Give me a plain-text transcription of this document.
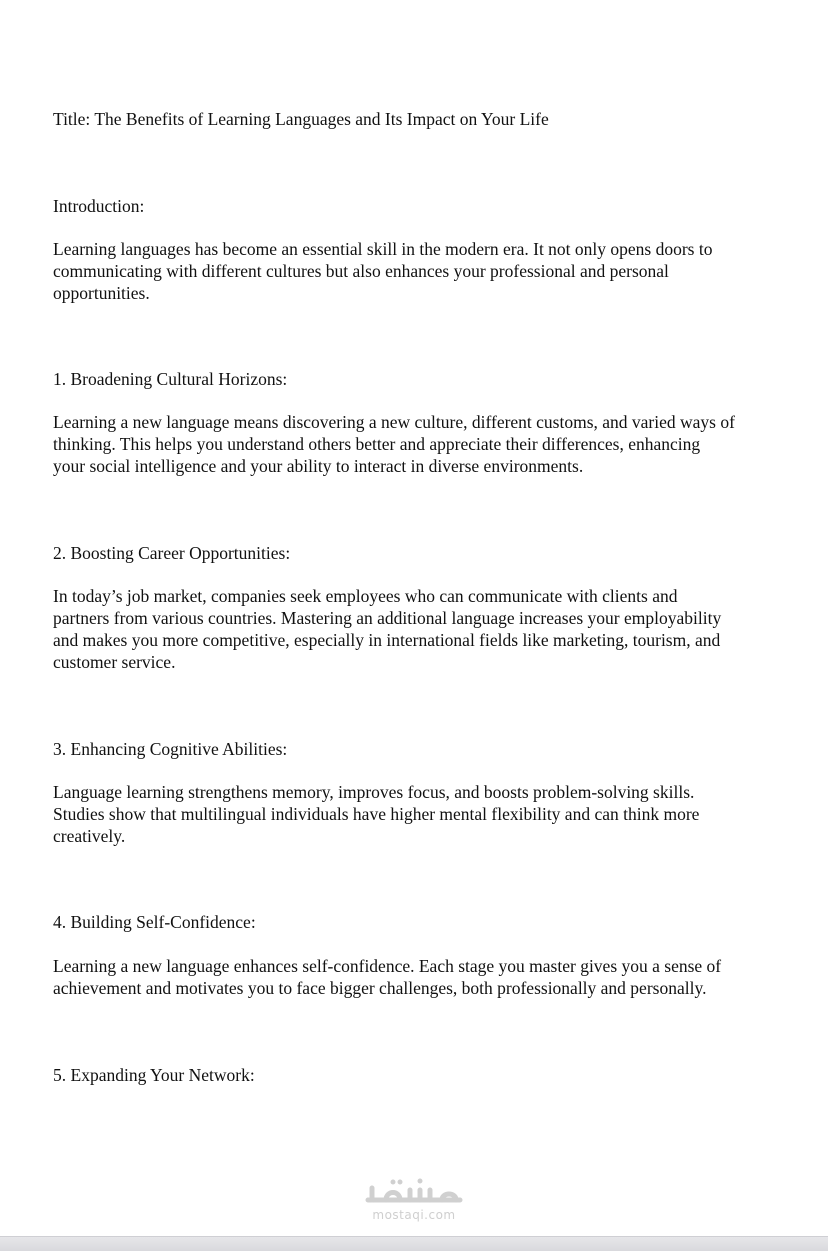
Title: The Benefits of Learning Languages and Its Impact on Your Life
Introduction:

Learning languages has become an essential skill in the modern era. It not only opens doors to

communicating with different cultures but also enhances your professional and personal

opportunities.

1. Broadening Cultural Horizons:

Learning a new language means discovering a new culture, different customs, and varied ways of

thinking. This helps you understand others better and appreciate their differences, enhancing

your social intelligence and your ability to interact in diverse environments.

2. Boosting Career Opportunities:

In today’s job market, companies seek employees who can communicate with clients and

partners from various countries. Mastering an additional language increases your employability

and makes you more competitive, especially in international fields like marketing, tourism, and

customer service.

3. Enhancing Cognitive Abilities:

Language learning strengthens memory, improves focus, and boosts problem-solving skills.

Studies show that multilingual individuals have higher mental flexibility and can think more

creatively.

4. Building Self-Confidence:

Learning a new language enhances self-confidence. Each stage you master gives you a sense of

achievement and motivates you to face bigger challenges, both professionally and personally.

5. Expanding Your Network:
mostaqi.com
